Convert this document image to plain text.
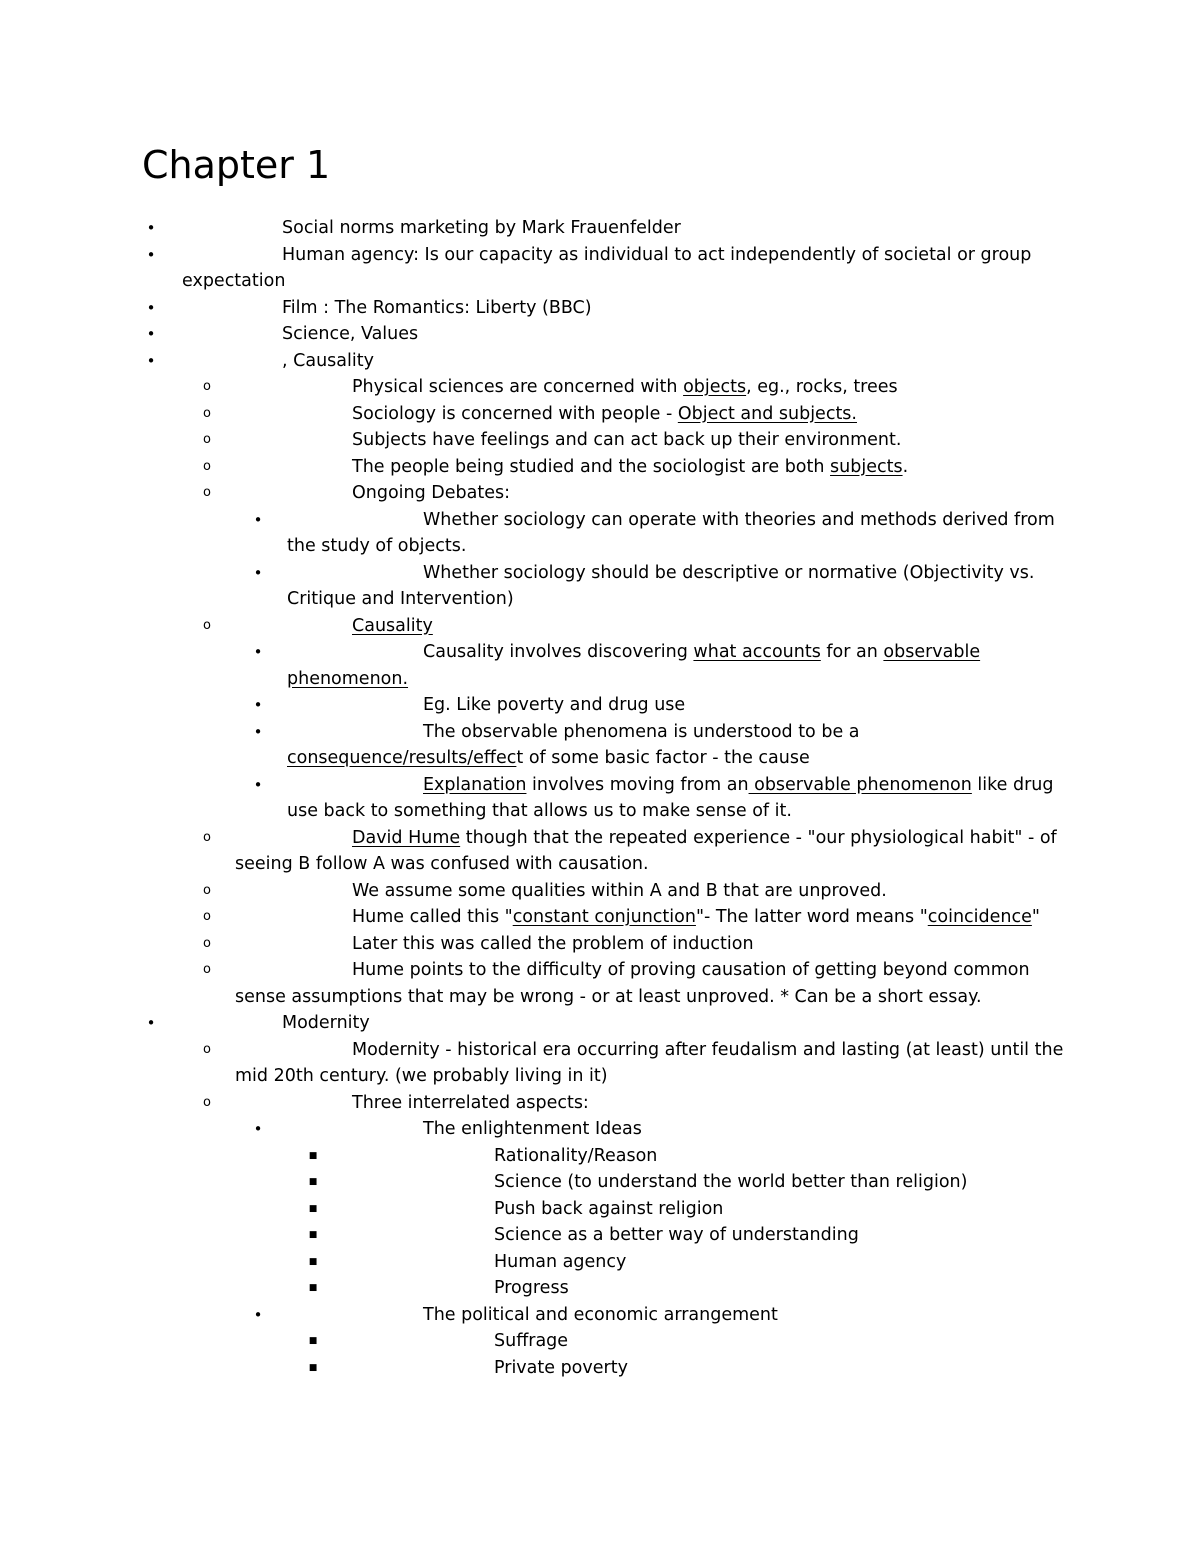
Chapter 1
•	Social norms marketing by Mark Frauenfelder
•	Human agency: Is our capacity as individual to act independently of societal or group
expectation
•	Film : The Romantics: Liberty (BBC)
•	Science, Values
•	, Causality
o	Physical sciences are concerned with objects, eg., rocks, trees
o	Sociology is concerned with people - Object and subjects.
o	Subjects have feelings and can act back up their environment.
o	The people being studied and the sociologist are both subjects.
o	Ongoing Debates:
•	Whether sociology can operate with theories and methods derived from
the study of objects.
•	Whether sociology should be descriptive or normative (Objectivity vs.
Critique and Intervention)
o	Causality
•	Causality involves discovering what accounts for an observable
phenomenon.
•	Eg. Like poverty and drug use
•	The observable phenomena is understood to be a
consequence/results/effect of some basic factor - the cause
•	Explanation involves moving from an observable phenomenon like drug
use back to something that allows us to make sense of it.
o	David Hume though that the repeated experience - "our physiological habit" - of
seeing B follow A was confused with causation.
o	We assume some qualities within A and B that are unproved.
o	Hume called this "constant conjunction"- The latter word means "coincidence"
o	Later this was called the problem of induction
o	Hume points to the difficulty of proving causation of getting beyond common
sense assumptions that may be wrong - or at least unproved. * Can be a short essay.
•	Modernity
o	Modernity - historical era occurring after feudalism and lasting (at least) until the
mid 20th century. (we probably living in it)
o	Three interrelated aspects:
•	The enlightenment Ideas
■	Rationality/Reason
■	Science (to understand the world better than religion)
■	Push back against religion
■	Science as a better way of understanding
■	Human agency
■	Progress
•	The political and economic arrangement
■	Suffrage
■	Private poverty
